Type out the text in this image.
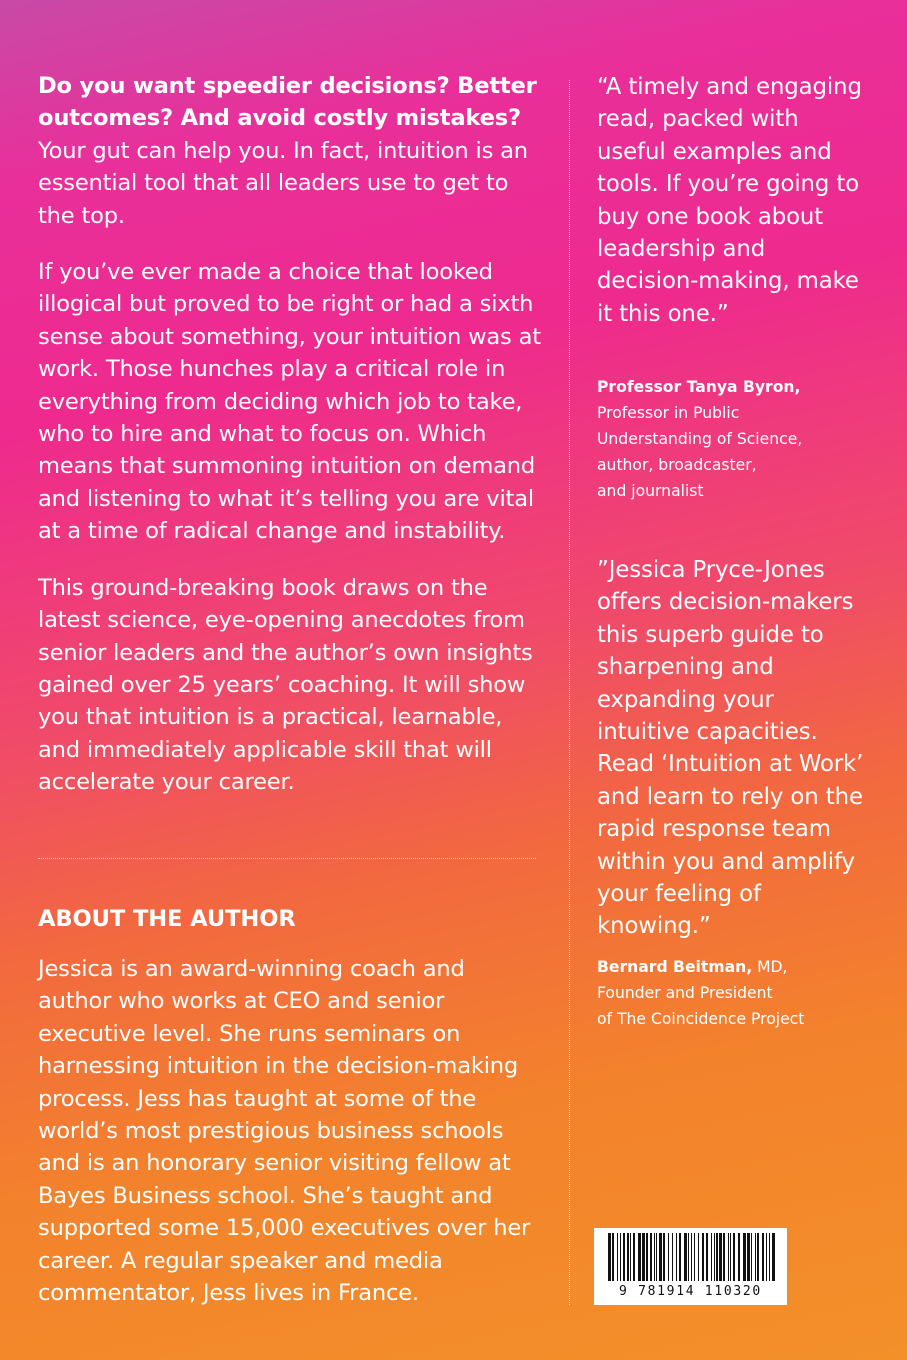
Do you want speedier decisions? Better outcomes? And avoid costly mistakes? Your gut can help you. In fact, intuition is an essential tool that all leaders use to get to the top.

If you’ve ever made a choice that looked illogical but proved to be right or had a sixth sense about something, your intuition was at work. Those hunches play a critical role in everything from deciding which job to take, who to hire and what to focus on. Which means that summoning intuition on demand and listening to what it’s telling you are vital at a time of radical change and instability.

This ground-breaking book draws on the latest science, eye-opening anecdotes from senior leaders and the author’s own insights gained over 25 years’ coaching. It will show you that intuition is a practical, learnable, and immediately applicable skill that will accelerate your career.

ABOUT THE AUTHOR

Jessica is an award-winning coach and author who works at CEO and senior executive level. She runs seminars on harnessing intuition in the decision-making process. Jess has taught at some of the world’s most prestigious business schools and is an honorary senior visiting fellow at Bayes Business school. She’s taught and supported some 15,000 executives over her career. A regular speaker and media commentator, Jess lives in France.

“A timely and engaging read, packed with useful examples and tools. If you’re going to buy one book about leadership and decision-making, make it this one.”

Professor Tanya Byron,
Professor in Public
Understanding of Science,
author, broadcaster,
and journalist

”Jessica Pryce-Jones offers decision-makers this superb guide to sharpening and expanding your intuitive capacities. Read ‘Intuition at Work’ and learn to rely on the rapid response team within you and amplify your feeling of knowing.”

Bernard Beitman, MD,
Founder and President
of The Coincidence Project
9 781914 110320
